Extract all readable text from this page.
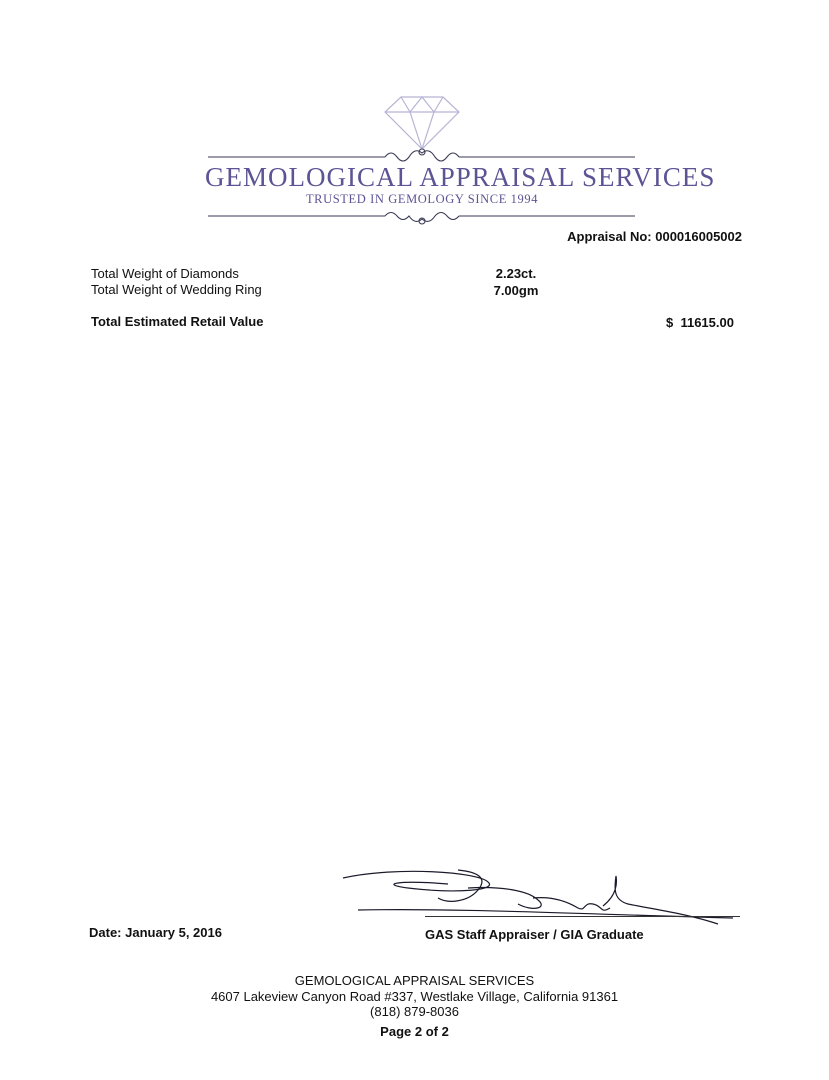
GEMOLOGICAL APPRAISAL SERVICES
TRUSTED IN GEMOLOGY SINCE 1994
Appraisal No: 000016005002
Total Weight of Diamonds	2.23ct.
Total Weight of Wedding Ring	7.00gm
Total Estimated Retail Value	$  11615.00
Date: January 5, 2016	GAS Staff Appraiser / GIA Graduate
GEMOLOGICAL APPRAISAL SERVICES
4607 Lakeview Canyon Road #337, Westlake Village, California 91361
(818) 879-8036
Page 2 of 2
